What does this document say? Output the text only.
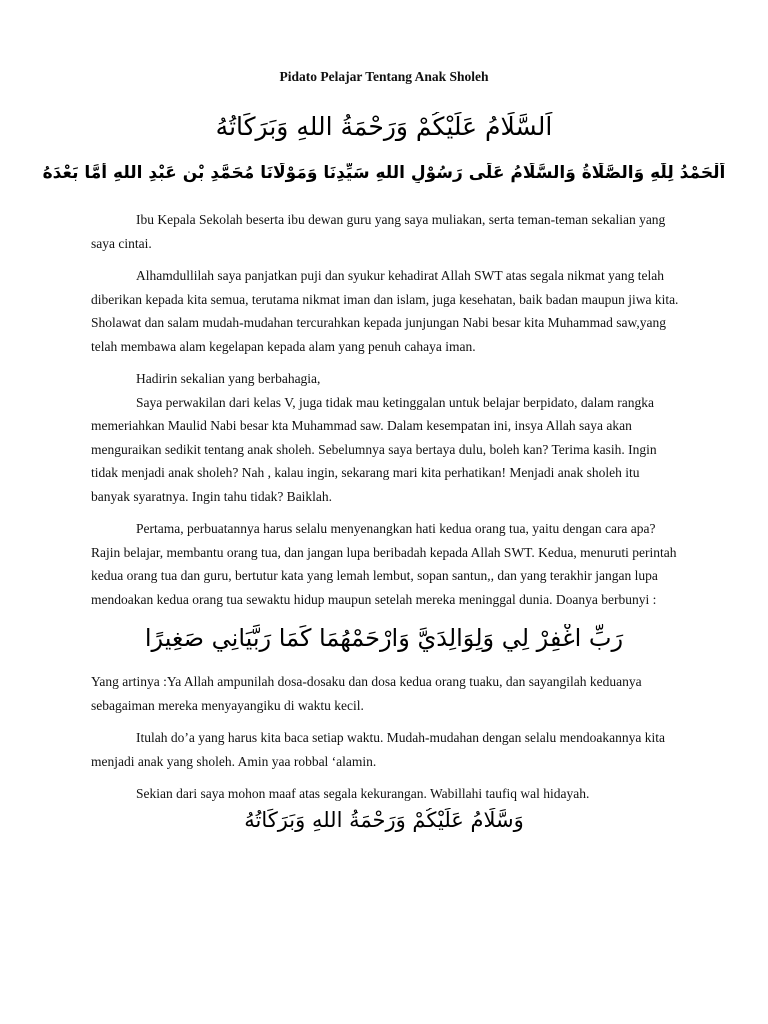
Pidato Pelajar Tentang Anak Sholeh
اَلسَّلَامُ عَلَيْكُمْ وَرَحْمَةُ اللهِ وَبَرَكَاتُهُ
اَلْحَمْدُ لِلّٰهِ وَالصَّلَاةُ وَالسَّلَامُ عَلَى رَسُوْلِ اللهِ سَيِّدِنَا وَمَوْلَانَا مُحَمَّدِ بْنِ عَبْدِ اللهِ أَمَّا بَعْدَهُ

Ibu Kepala Sekolah beserta ibu dewan guru yang saya muliakan, serta teman-teman sekalian yang saya cintai.

Alhamdullilah saya panjatkan puji dan syukur kehadirat Allah SWT atas segala nikmat yang telah diberikan kepada kita semua, terutama nikmat iman dan islam, juga kesehatan, baik badan maupun jiwa kita. Sholawat dan salam mudah-mudahan tercurahkan kepada junjungan Nabi besar kita Muhammad saw,yang telah membawa alam kegelapan kepada alam yang penuh cahaya iman.

Hadirin sekalian yang berbahagia,

Saya perwakilan dari kelas V, juga tidak mau ketinggalan untuk belajar berpidato, dalam rangka memeriahkan Maulid Nabi besar kta Muhammad saw. Dalam kesempatan ini, insya Allah saya akan menguraikan sedikit tentang anak sholeh. Sebelumnya saya bertaya dulu, boleh kan? Terima kasih. Ingin tidak menjadi anak sholeh? Nah , kalau ingin, sekarang mari kita perhatikan! Menjadi anak sholeh itu banyak syaratnya. Ingin tahu tidak? Baiklah.

Pertama, perbuatannya harus selalu menyenangkan hati kedua orang tua, yaitu dengan cara apa? Rajin belajar, membantu orang tua, dan jangan lupa beribadah kepada Allah SWT. Kedua, menuruti perintah kedua orang tua dan guru, bertutur kata yang lemah lembut, sopan santun,, dan yang terakhir jangan lupa mendoakan kedua orang tua sewaktu hidup maupun setelah mereka meninggal dunia. Doanya berbunyi :

رَبِّ اغْفِرْ لِي وَلِوَالِدَيَّ وَارْحَمْهُمَا كَمَا رَبَّيَانِي صَغِيرًا

Yang artinya :Ya Allah ampunilah dosa-dosaku dan dosa kedua orang tuaku, dan sayangilah keduanya sebagaiman mereka menyayangiku di waktu kecil.

Itulah do’a yang harus kita baca setiap waktu. Mudah-mudahan dengan selalu mendoakannya kita menjadi anak yang sholeh. Amin yaa robbal ‘alamin.

Sekian dari saya mohon maaf atas segala kekurangan. Wabillahi taufiq wal hidayah.

وَسَّلَامُ عَلَيْكُمْ وَرَحْمَةُ اللهِ وَبَرَكَاتُهُ
